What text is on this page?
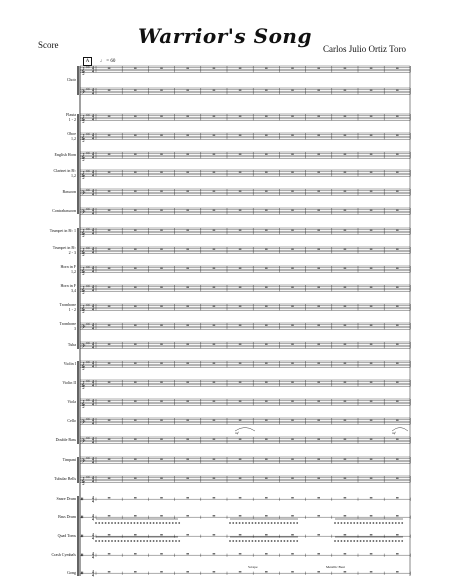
Score	Warrior's Song
Carlos Julio Ortiz Toro
A	♩ = 60
𝄞 ♯♯ 4
4
𝄢 ♯♯ 4
4
𝄞 ♯♯ 4
4
𝄞 ♯♯ 4
4
𝄞 ♯♯ 4
4
𝄞 ♯♯ 4
4
𝄢 ♯♯ 4
4
𝄢 ♯♯ 4
4
𝄞 ♯♯ 4
4
𝄞 ♯♯ 4
4
𝄞 ♯♯ 4
4
𝄞 ♯♯ 4
4
𝄞 ♯♯ 4
4
𝄢 ♯♯ 4
4
𝄢 ♯♯ 4
4
𝄞 ♯♯ 4
4
𝄞 ♯♯ 4
4
𝄞 ♯♯ 4
4
𝄢 ♯♯ 4
4
𝄢 ♯♯ 4
4
𝄢 ♯♯ 4
4
𝄞 ♯♯ 4
4
𝄥 4
4
𝄥 4
4
𝄥 4
4
𝄥 4
4
𝄥 4
4
Choir
Flauta
1 - 2
Oboe
1,2
English Horn
Clarinet in B♭
1,2
Bassoon
Contrabassoon
Trumpet in B♭ 1
Trumpet in B♭
2 - 3
Horn in F
1,2
Horn in F
3,4
Trombone
1 - 2
Trombone
3
Tuba
Violin I
Violin II
Viola
Cello
Double Bass
Timpani
Tubular Bells
Snare Drum
Bass Drum
Quad Toms
Crash Cymbals
Gong
mf	mf
Scrape	Metallic Beat
